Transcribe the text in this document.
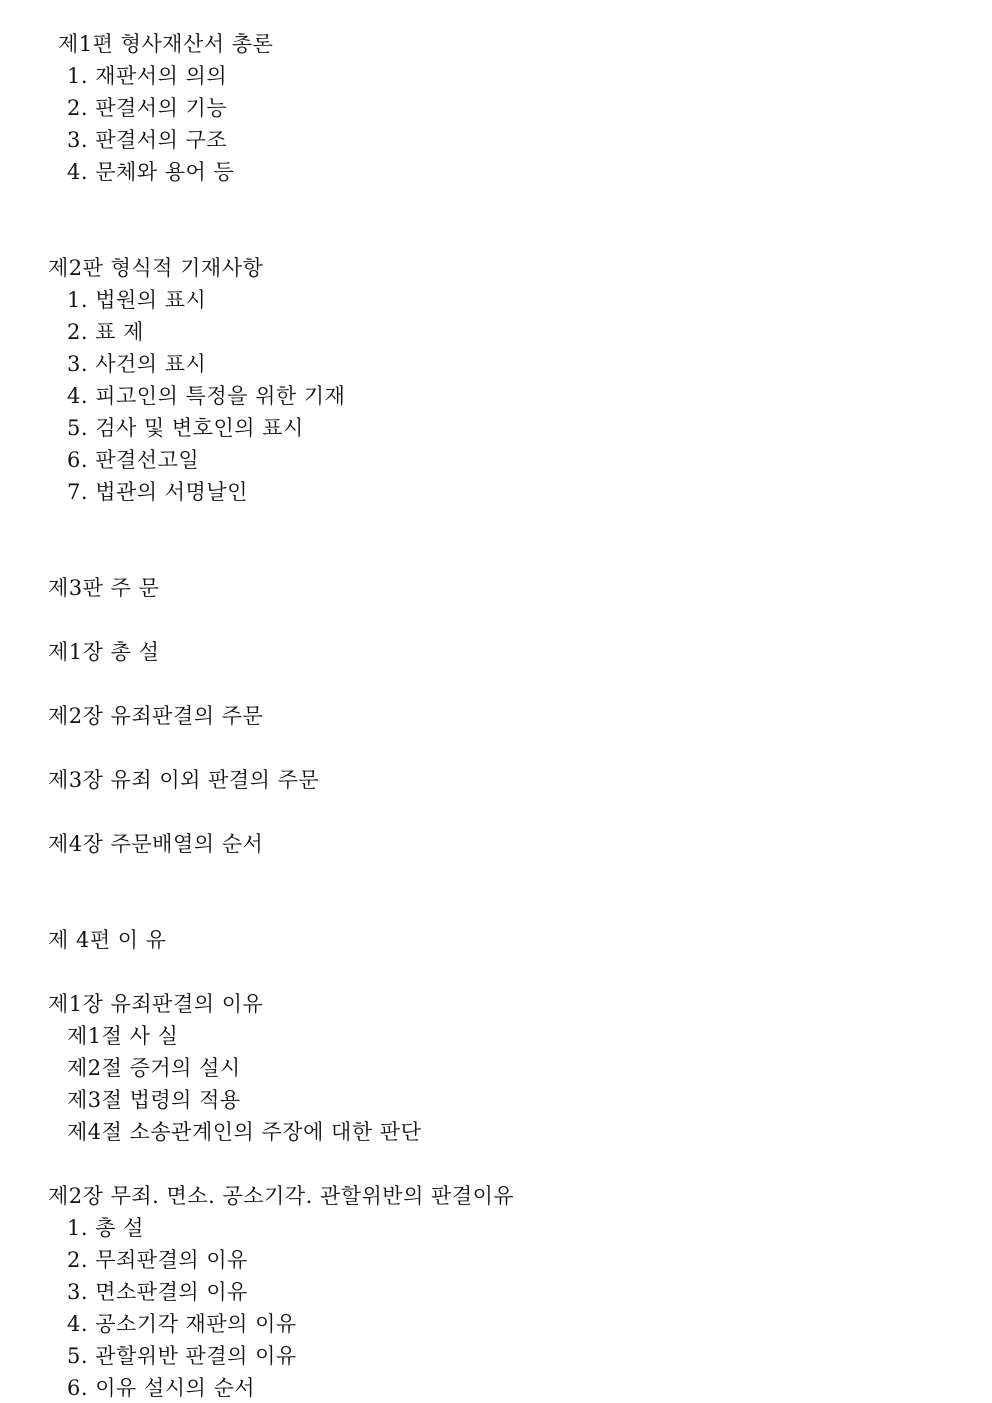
제1편 형사재산서 총론
1. 재판서의 의의
2. 판결서의 기능
3. 판결서의 구조
4. 문체와 용어 등
제2판 형식적 기재사항
1. 법원의 표시
2. 표 제
3. 사건의 표시
4. 피고인의 특정을 위한 기재
5. 검사 및 변호인의 표시
6. 판결선고일
7. 법관의 서명날인
제3판 주 문
제1장 총 설
제2장 유죄판결의 주문
제3장 유죄 이외 판결의 주문
제4장 주문배열의 순서
제 4편 이 유
제1장 유죄판결의 이유
제1절 사 실
제2절 증거의 설시
제3절 법령의 적용
제4절 소송관계인의 주장에 대한 판단
제2장 무죄. 면소. 공소기각. 관할위반의 판결이유
1. 총 설
2. 무죄판결의 이유
3. 면소판결의 이유
4. 공소기각 재판의 이유
5. 관할위반 판결의 이유
6. 이유 설시의 순서
